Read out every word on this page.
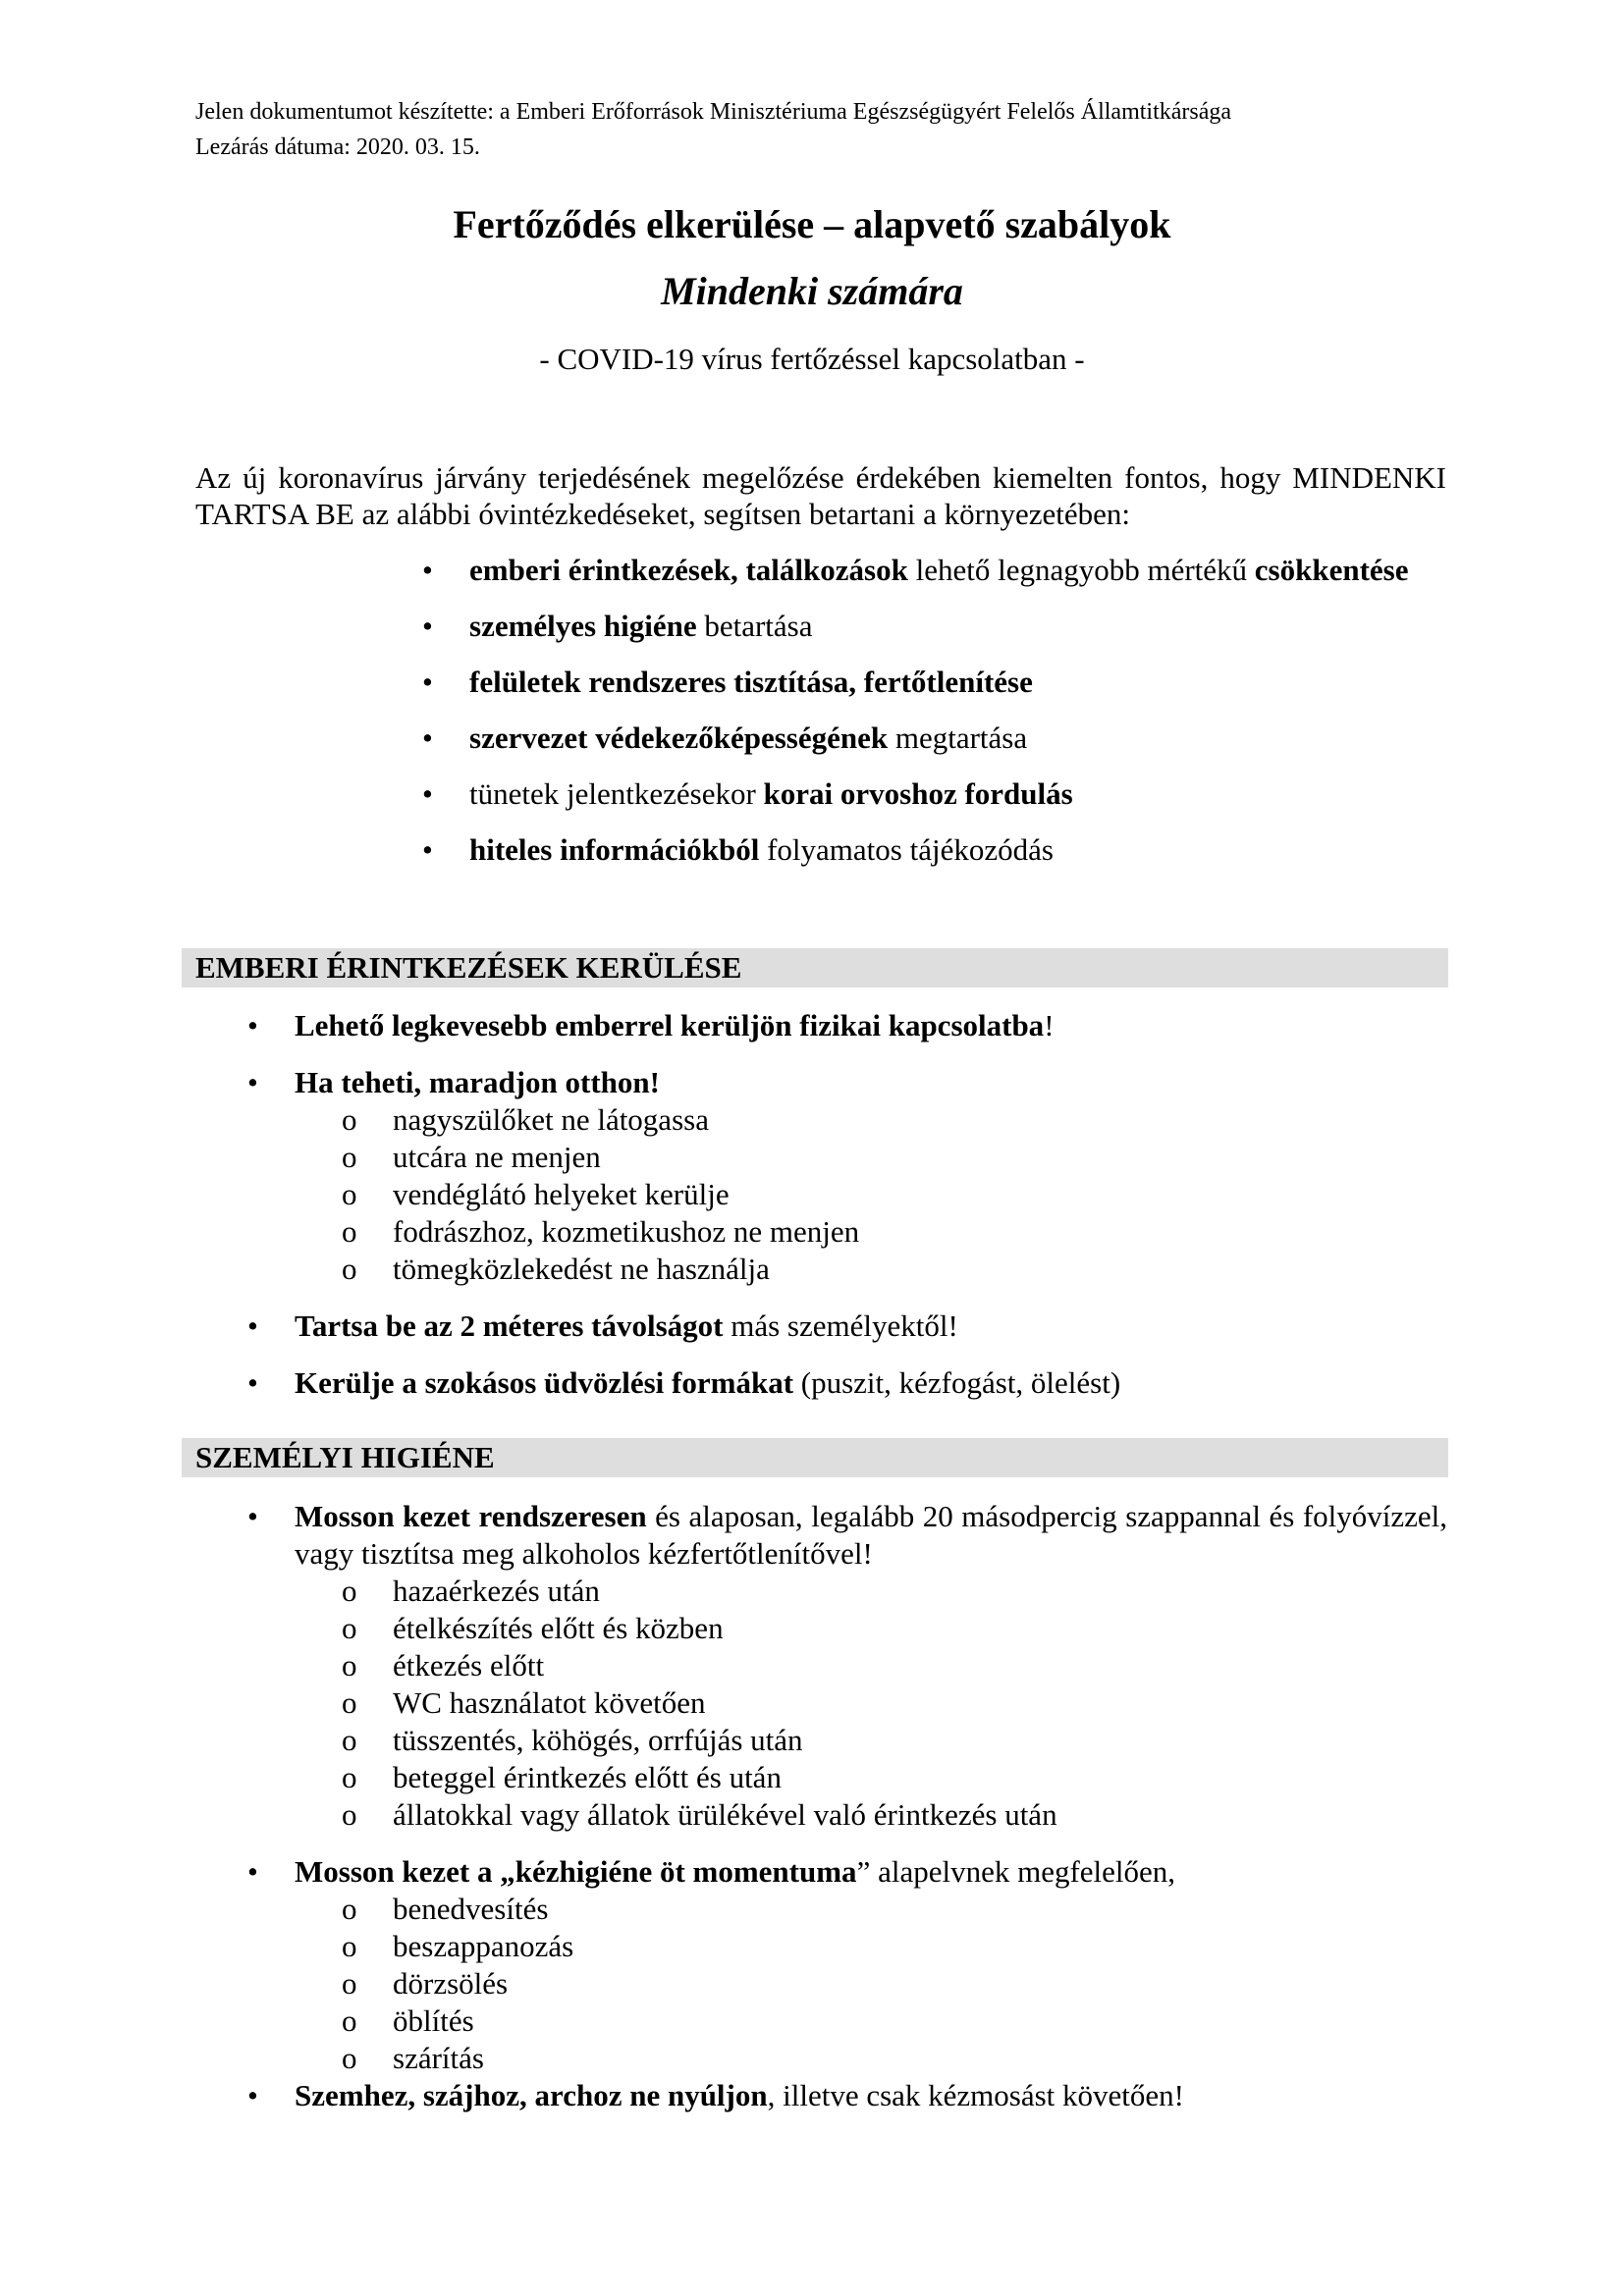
Jelen dokumentumot készítette: a Emberi Erőforrások Minisztériuma Egészségügyért Felelős Államtitkársága
Lezárás dátuma: 2020. 03. 15.
Fertőződés elkerülése – alapvető szabályok
Mindenki számára
- COVID-19 vírus fertőzéssel kapcsolatban -
Az új koronavírus járvány terjedésének megelőzése érdekében kiemelten fontos, hogy MINDENKI TARTSA BE az alábbi óvintézkedéseket, segítsen betartani a környezetében:
• emberi érintkezések, találkozások lehető legnagyobb mértékű csökkentése
• személyes higiéne betartása
• felületek rendszeres tisztítása, fertőtlenítése
• szervezet védekezőképességének megtartása
• tünetek jelentkezésekor korai orvoshoz fordulás
• hiteles információkból folyamatos tájékozódás
EMBERI ÉRINTKEZÉSEK KERÜLÉSE
• Lehető legkevesebb emberrel kerüljön fizikai kapcsolatba!
• Ha teheti, maradjon otthon!
o nagyszülőket ne látogassa
o utcára ne menjen
o vendéglátó helyeket kerülje
o fodrászhoz, kozmetikushoz ne menjen
o tömegközlekedést ne használja
• Tartsa be az 2 méteres távolságot más személyektől!
• Kerülje a szokásos üdvözlési formákat (puszit, kézfogást, ölelést)
SZEMÉLYI HIGIÉNE
• Mosson kezet rendszeresen és alaposan, legalább 20 másodpercig szappannal és folyóvízzel, vagy tisztítsa meg alkoholos kézfertőtlenítővel!
o hazaérkezés után
o ételkészítés előtt és közben
o étkezés előtt
o WC használatot követően
o tüsszentés, köhögés, orrfújás után
o beteggel érintkezés előtt és után
o állatokkal vagy állatok ürülékével való érintkezés után
• Mosson kezet a „kézhigiéne öt momentuma” alapelvnek megfelelően,
o benedvesítés
o beszappanozás
o dörzsölés
o öblítés
o szárítás
• Szemhez, szájhoz, archoz ne nyúljon, illetve csak kézmosást követően!
